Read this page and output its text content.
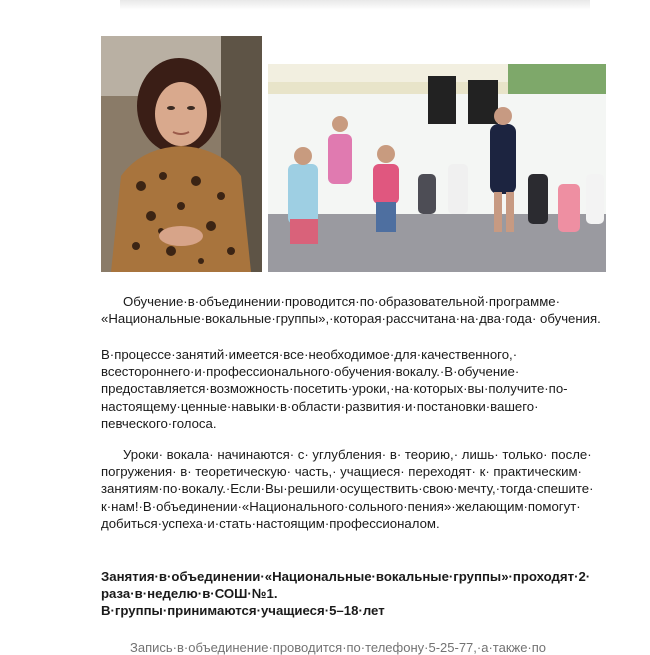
Обучение·в·объединении·проводится·по·образовательной·программе· «Национальные·вокальные·группы»,·которая·рассчитана·на·два·года· обучения.

В·процессе·занятий·имеется·все·необходимое·для·качественного,· всестороннего·и·профессионального·обучения·вокалу.·В·обучение· предоставляется·возможность·посетить·уроки,·на·которых·вы·получите·по- настоящему·ценные·навыки·в·области·развития·и·постановки·вашего· певческого·голоса.

Уроки· вокала· начинаются· с· углубления· в· теорию,· лишь· только· после· погружения· в· теоретическую· часть,· учащиеся· переходят· к· практическим· занятиям·по·вокалу.·Если·Вы·решили·осуществить·свою·мечту,·тогда·спешите· к·нам!·В·объединении·«Национального·сольного·пения»·желающим·помогут· добиться·успеха·и·стать·настоящим·профессионалом.

Занятия·в·объединении·«Национальные·вокальные·группы»·проходят·2· раза·в·неделю·в·СОШ·№1.

В·группы·принимаются·учащиеся·5–18·лет

Запись·в·объединение·проводится·по·телефону·5-25-77,·а·также·по
